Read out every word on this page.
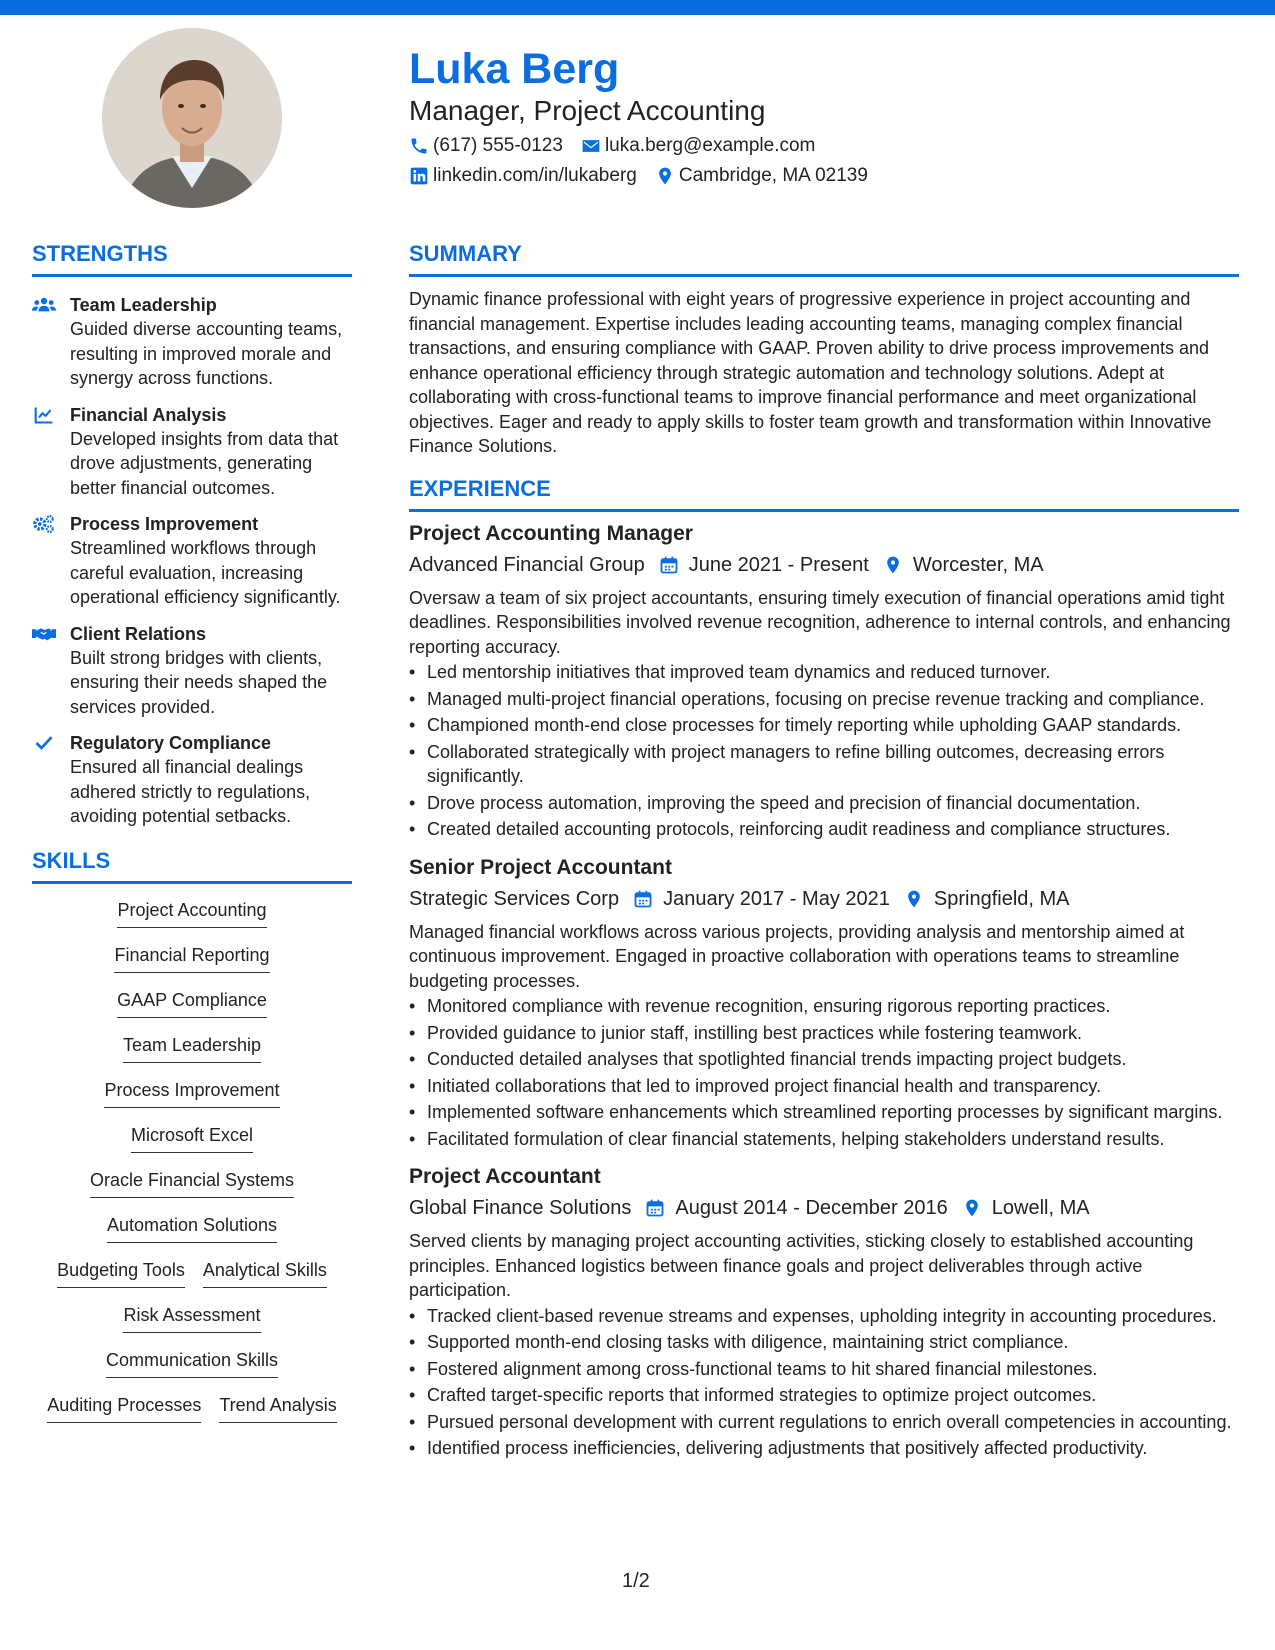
Luka Berg
Manager, Project Accounting
(617) 555-0123 luka.berg@example.com
linkedin.com/in/lukaberg Cambridge, MA 02139
STRENGTHS
Team Leadership
Guided diverse accounting teams, resulting in improved morale and synergy across functions.
Financial Analysis
Developed insights from data that drove adjustments, generating better financial outcomes.
Process Improvement
Streamlined workflows through careful evaluation, increasing operational efficiency significantly.
Client Relations
Built strong bridges with clients, ensuring their needs shaped the services provided.
Regulatory Compliance
Ensured all financial dealings adhered strictly to regulations, avoiding potential setbacks.
SKILLS
Project Accounting
Financial Reporting
GAAP Compliance
Team Leadership
Process Improvement
Microsoft Excel
Oracle Financial Systems
Automation Solutions
Budgeting Tools Analytical Skills
Risk Assessment
Communication Skills
Auditing Processes Trend Analysis
SUMMARY
Dynamic finance professional with eight years of progressive experience in project accounting and financial management. Expertise includes leading accounting teams, managing complex financial transactions, and ensuring compliance with GAAP. Proven ability to drive process improvements and enhance operational efficiency through strategic automation and technology solutions. Adept at collaborating with cross-functional teams to improve financial performance and meet organizational objectives. Eager and ready to apply skills to foster team growth and transformation within Innovative Finance Solutions.
EXPERIENCE
Project Accounting Manager
Advanced Financial Group June 2021 - Present Worcester, MA
Oversaw a team of six project accountants, ensuring timely execution of financial operations amid tight deadlines. Responsibilities involved revenue recognition, adherence to internal controls, and enhancing reporting accuracy.
• Led mentorship initiatives that improved team dynamics and reduced turnover.
• Managed multi-project financial operations, focusing on precise revenue tracking and compliance.
• Championed month-end close processes for timely reporting while upholding GAAP standards.
• Collaborated strategically with project managers to refine billing outcomes, decreasing errors significantly.
• Drove process automation, improving the speed and precision of financial documentation.
• Created detailed accounting protocols, reinforcing audit readiness and compliance structures.
Senior Project Accountant
Strategic Services Corp January 2017 - May 2021 Springfield, MA
Managed financial workflows across various projects, providing analysis and mentorship aimed at continuous improvement. Engaged in proactive collaboration with operations teams to streamline budgeting processes.
• Monitored compliance with revenue recognition, ensuring rigorous reporting practices.
• Provided guidance to junior staff, instilling best practices while fostering teamwork.
• Conducted detailed analyses that spotlighted financial trends impacting project budgets.
• Initiated collaborations that led to improved project financial health and transparency.
• Implemented software enhancements which streamlined reporting processes by significant margins.
• Facilitated formulation of clear financial statements, helping stakeholders understand results.
Project Accountant
Global Finance Solutions August 2014 - December 2016 Lowell, MA
Served clients by managing project accounting activities, sticking closely to established accounting principles. Enhanced logistics between finance goals and project deliverables through active participation.
• Tracked client-based revenue streams and expenses, upholding integrity in accounting procedures.
• Supported month-end closing tasks with diligence, maintaining strict compliance.
• Fostered alignment among cross-functional teams to hit shared financial milestones.
• Crafted target-specific reports that informed strategies to optimize project outcomes.
• Pursued personal development with current regulations to enrich overall competencies in accounting.
• Identified process inefficiencies, delivering adjustments that positively affected productivity.
1/2
